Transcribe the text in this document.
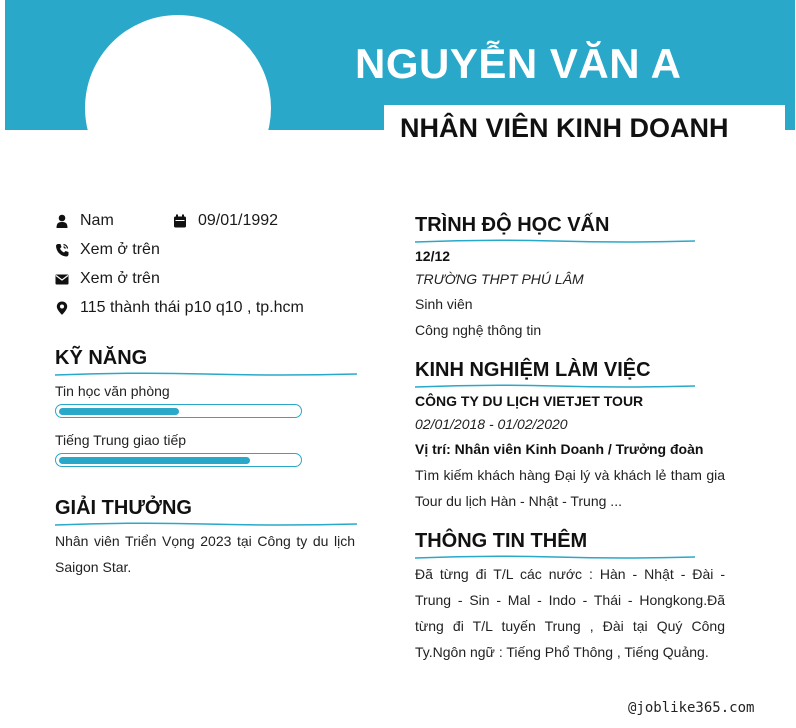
NGUYỄN VĂN A
NHÂN VIÊN KINH DOANH
Nam	09/01/1992
Xem ở trên
Xem ở trên
115 thành thái p10 q10 , tp.hcm
KỸ NĂNG
Tin học văn phòng
Tiếng Trung giao tiếp
GIẢI THƯỞNG
Nhân viên Triển Vọng 2023 tại Công ty du lịch Saigon Star.
TRÌNH ĐỘ HỌC VẤN
12/12
TRƯỜNG THPT PHÚ LÂM
Sinh viên
Công nghệ thông tin
KINH NGHIỆM LÀM VIỆC
CÔNG TY DU LỊCH VIETJET TOUR
02/01/2018 - 01/02/2020
Vị trí: Nhân viên Kinh Doanh / Trưởng đoàn
Tìm kiếm khách hàng Đại lý và khách lẻ tham gia Tour du lịch Hàn - Nhật - Trung ...
THÔNG TIN THÊM
Đã từng đi T/L các nước : Hàn - Nhật - Đài - Trung - Sin - Mal - Indo - Thái - Hongkong.Đã từng đi T/L tuyến Trung , Đài tại Quý Công Ty.Ngôn ngữ : Tiếng Phổ Thông , Tiếng Quảng.
@joblike365.com
